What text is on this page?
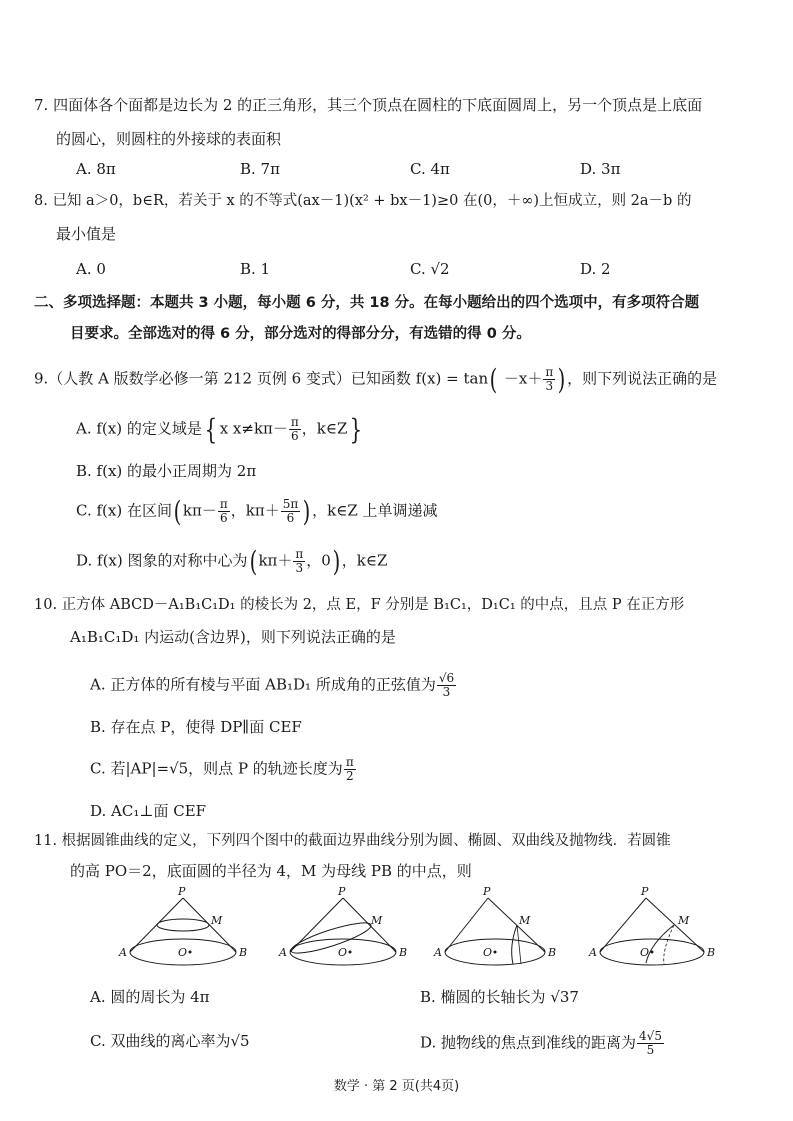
7. 四面体各个面都是边长为 2 的正三角形，其三个顶点在圆柱的下底面圆周上，另一个顶点是上底面
的圆心，则圆柱的外接球的表面积
A. 8π	B. 7π	C. 4π	D. 3π
8. 已知 a＞0，b∈R，若关于 x 的不等式(ax－1)(x² + bx－1)≥0 在(0，＋∞)上恒成立，则 2a－b 的
最小值是
A. 0	B. 1	C. √2	D. 2
二、多项选择题：本题共 3 小题，每小题 6 分，共 18 分。在每小题给出的四个选项中，有多项符合题
目要求。全部选对的得 6 分，部分选对的得部分分，有选错的得 0 分。
9.（人教 A 版数学必修一第 212 页例 6 变式）已知函数 $f(x) = \tan( -x+ \frac{\pi}{3}$ ) ，则下列说法正确的是
A. f(x) 的定义域是{ x $x\ne k\pi- \frac{\pi}{6}$ ，k∈Z}
B. f(x) 的最小正周期为 2π
C. f(x) 在区间( $k\pi- \frac{\pi}{6}$ ，$k\pi+ \frac{5\pi}{6}$ ) ，k∈Z 上单调递减
D. f(x) 图象的对称中心为( $k\pi+ \frac{\pi}{3}$ ，0) ，k∈Z
10. 正方体 ABCD－A₁B₁C₁D₁ 的棱长为 2，点 E，F 分别是 B₁C₁，D₁C₁ 的中点，且点 P 在正方形
A₁B₁C₁D₁ 内运动(含边界)，则下列说法正确的是
A. 正方体的所有棱与平面 AB₁D₁ 所成角的正弦值为 $\frac{√6}{3}$
B. 存在点 P，使得 DP∥面 CEF
C. 若|AP|=√5，则点 P 的轨迹长度为 $\frac{\pi}{2}$
D. AC₁⊥面 CEF
11. 根据圆锥曲线的定义，下列四个图中的截面边界曲线分别为圆、椭圆、双曲线及抛物线．若圆锥
的高 PO＝2，底面圆的半径为 4，M 为母线 PB 的中点，则
P
M
A	B
O
P
M
A	B
O
P
M
A	B
O
P
M
A	B
O
A. 圆的周长为 4π	B. 椭圆的长轴长为 √37
C. 双曲线的离心率为√5	D. 抛物线的焦点到准线的距离为 $\frac{4√5}{5}$
数学 · 第 2 页(共4页)
